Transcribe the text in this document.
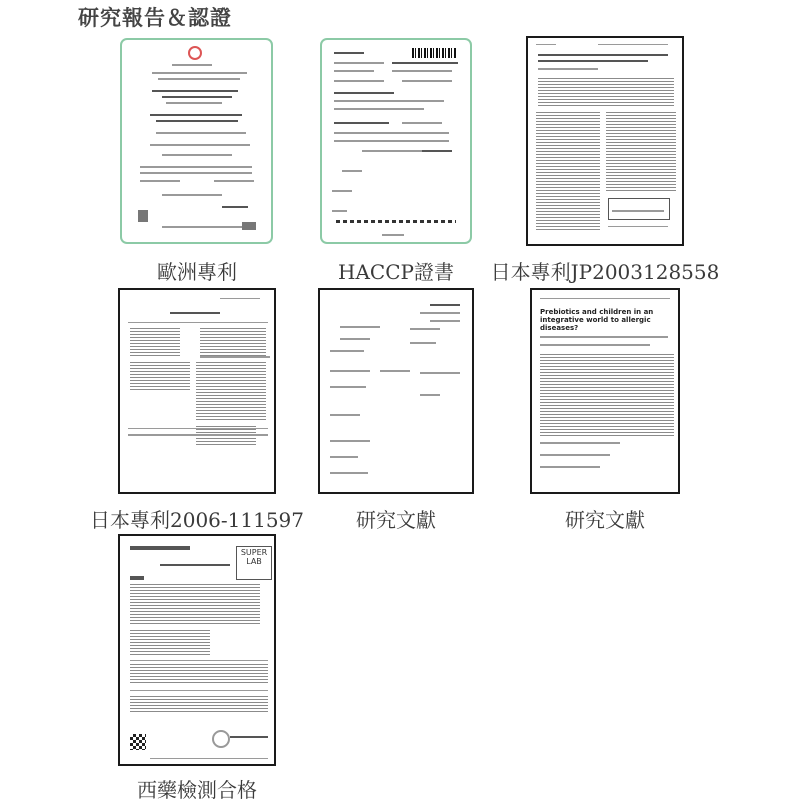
研究報告＆認證
歐洲專利	HACCP證書 日本專利JP2003128558
日本專利2006-111597	研究文獻
Prebiotics and children in an integrative world to allergic diseases?
研究文獻
SUPER LAB
西藥檢測合格
